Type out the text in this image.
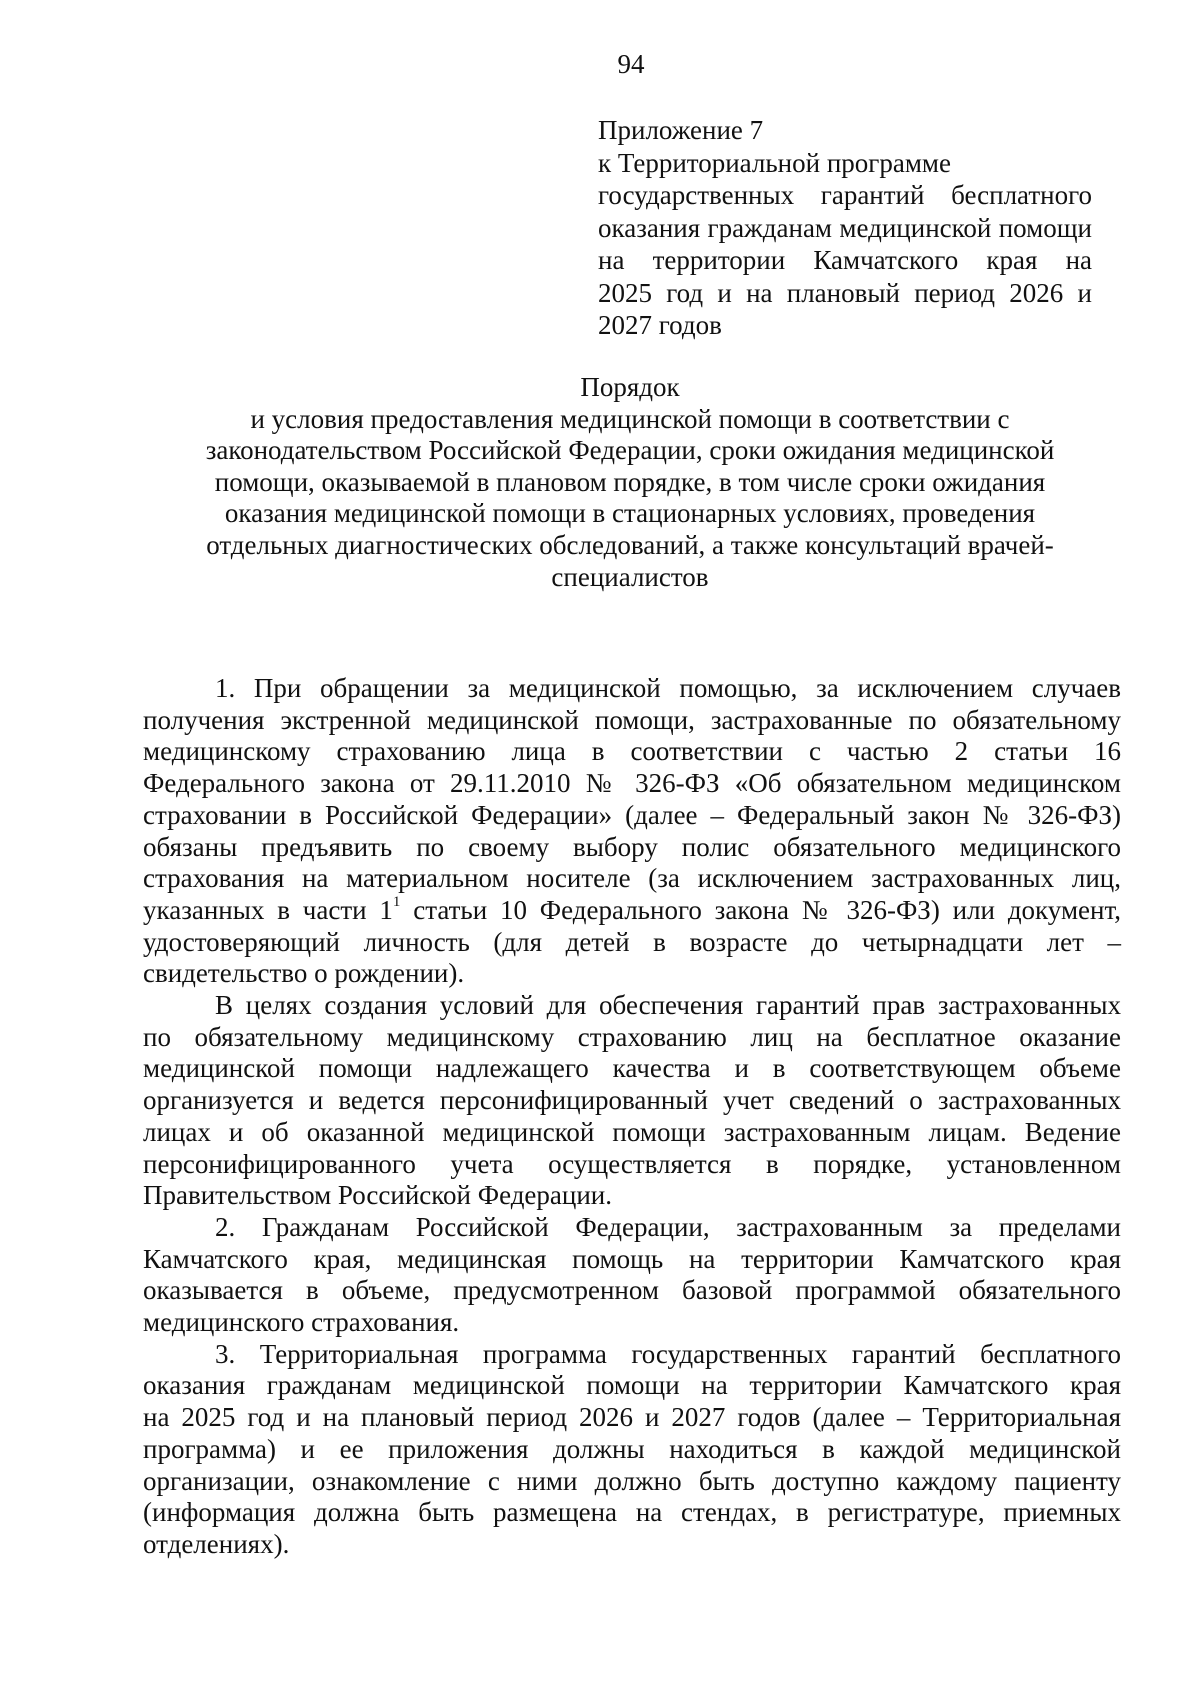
94
Приложение 7
к Территориальной программе
государственных гарантий бесплатного
оказания гражданам медицинской помощи
на территории Камчатского края на
2025 год и на плановый период 2026 и
2027 годов
Порядок
и условия предоставления медицинской помощи в соответствии с
законодательством Российской Федерации, сроки ожидания медицинской
помощи, оказываемой в плановом порядке, в том числе сроки ожидания
оказания медицинской помощи в стационарных условиях, проведения
отдельных диагностических обследований, а также консультаций врачей-
специалистов
1. При обращении за медицинской помощью, за исключением случаев
получения экстренной медицинской помощи, застрахованные по обязательному
медицинскому страхованию лица в соответствии с частью 2 статьи 16
Федерального закона от 29.11.2010 № 326-ФЗ «Об обязательном медицинском
страховании в Российской Федерации» (далее – Федеральный закон № 326-ФЗ)
обязаны предъявить по своему выбору полис обязательного медицинского
страхования на материальном носителе (за исключением застрахованных лиц,
указанных в части $1^1$ статьи 10 Федерального закона № 326-ФЗ) или документ,
удостоверяющий личность (для детей в возрасте до четырнадцати лет –
свидетельство о рождении).
В целях создания условий для обеспечения гарантий прав застрахованных
по обязательному медицинскому страхованию лиц на бесплатное оказание
медицинской помощи надлежащего качества и в соответствующем объеме
организуется и ведется персонифицированный учет сведений о застрахованных
лицах и об оказанной медицинской помощи застрахованным лицам. Ведение
персонифицированного учета осуществляется в порядке, установленном
Правительством Российской Федерации.
2. Гражданам Российской Федерации, застрахованным за пределами
Камчатского края, медицинская помощь на территории Камчатского края
оказывается в объеме, предусмотренном базовой программой обязательного
медицинского страхования.
3. Территориальная программа государственных гарантий бесплатного
оказания гражданам медицинской помощи на территории Камчатского края
на 2025 год и на плановый период 2026 и 2027 годов (далее – Территориальная
программа) и ее приложения должны находиться в каждой медицинской
организации, ознакомление с ними должно быть доступно каждому пациенту
(информация должна быть размещена на стендах, в регистратуре, приемных
отделениях).
